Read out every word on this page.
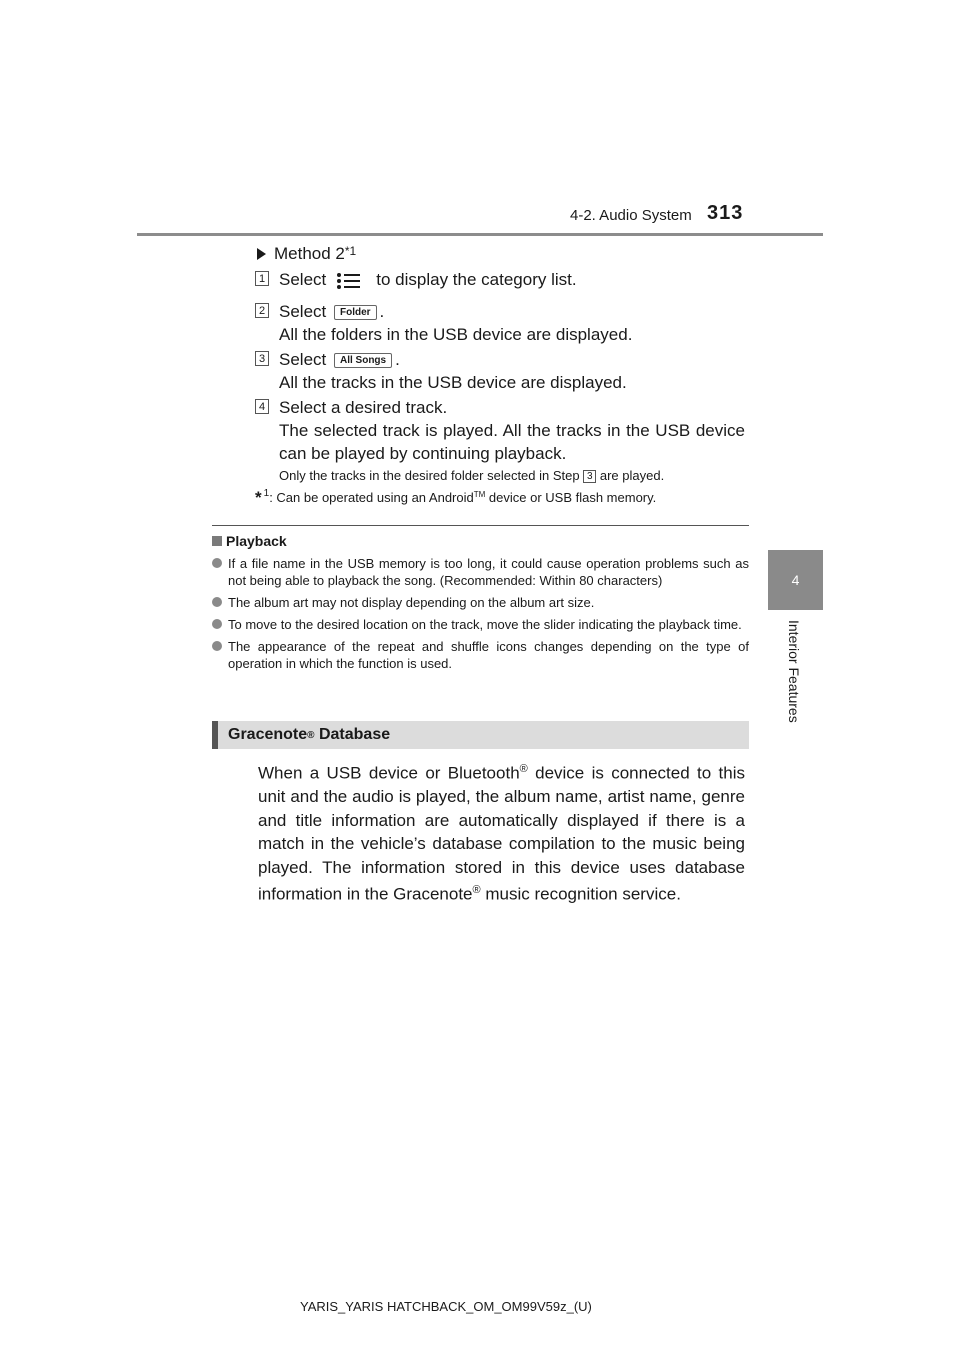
4-2. Audio System 313
4
Interior Features
Method 2 *1
1 Select	to display the category list.

2 Select Folder .

All the folders in the USB device are displayed.

3 Select All Songs .

All the tracks in the USB device are displayed.

4 Select a desired track.

The selected track is played. All the tracks in the USB device can be played by continuing playback.

Only the tracks in the desired folder selected in Step 3 are played.
* 1 : Can be operated using an Android TM device or USB flash memory.
Playback
If a file name in the USB memory is too long, it could cause operation problems such as not being able to playback the song. (Recommended: Within 80 characters)
The album art may not display depending on the album art size.
To move to the desired location on the track, move the slider indicating the playback time.
The appearance of the repeat and shuffle icons changes depending on the type of operation in which the function is used.
Gracenote ® Database
When a USB device or Bluetooth® device is connected to this unit and the audio is played, the album name, artist name, genre and title information are automatically displayed if there is a match in the vehicle’s database compilation to the music being played. The information stored in this device uses database information in the Gracenote® music recognition service.
YARIS_YARIS HATCHBACK_OM_OM99V59z_(U)
